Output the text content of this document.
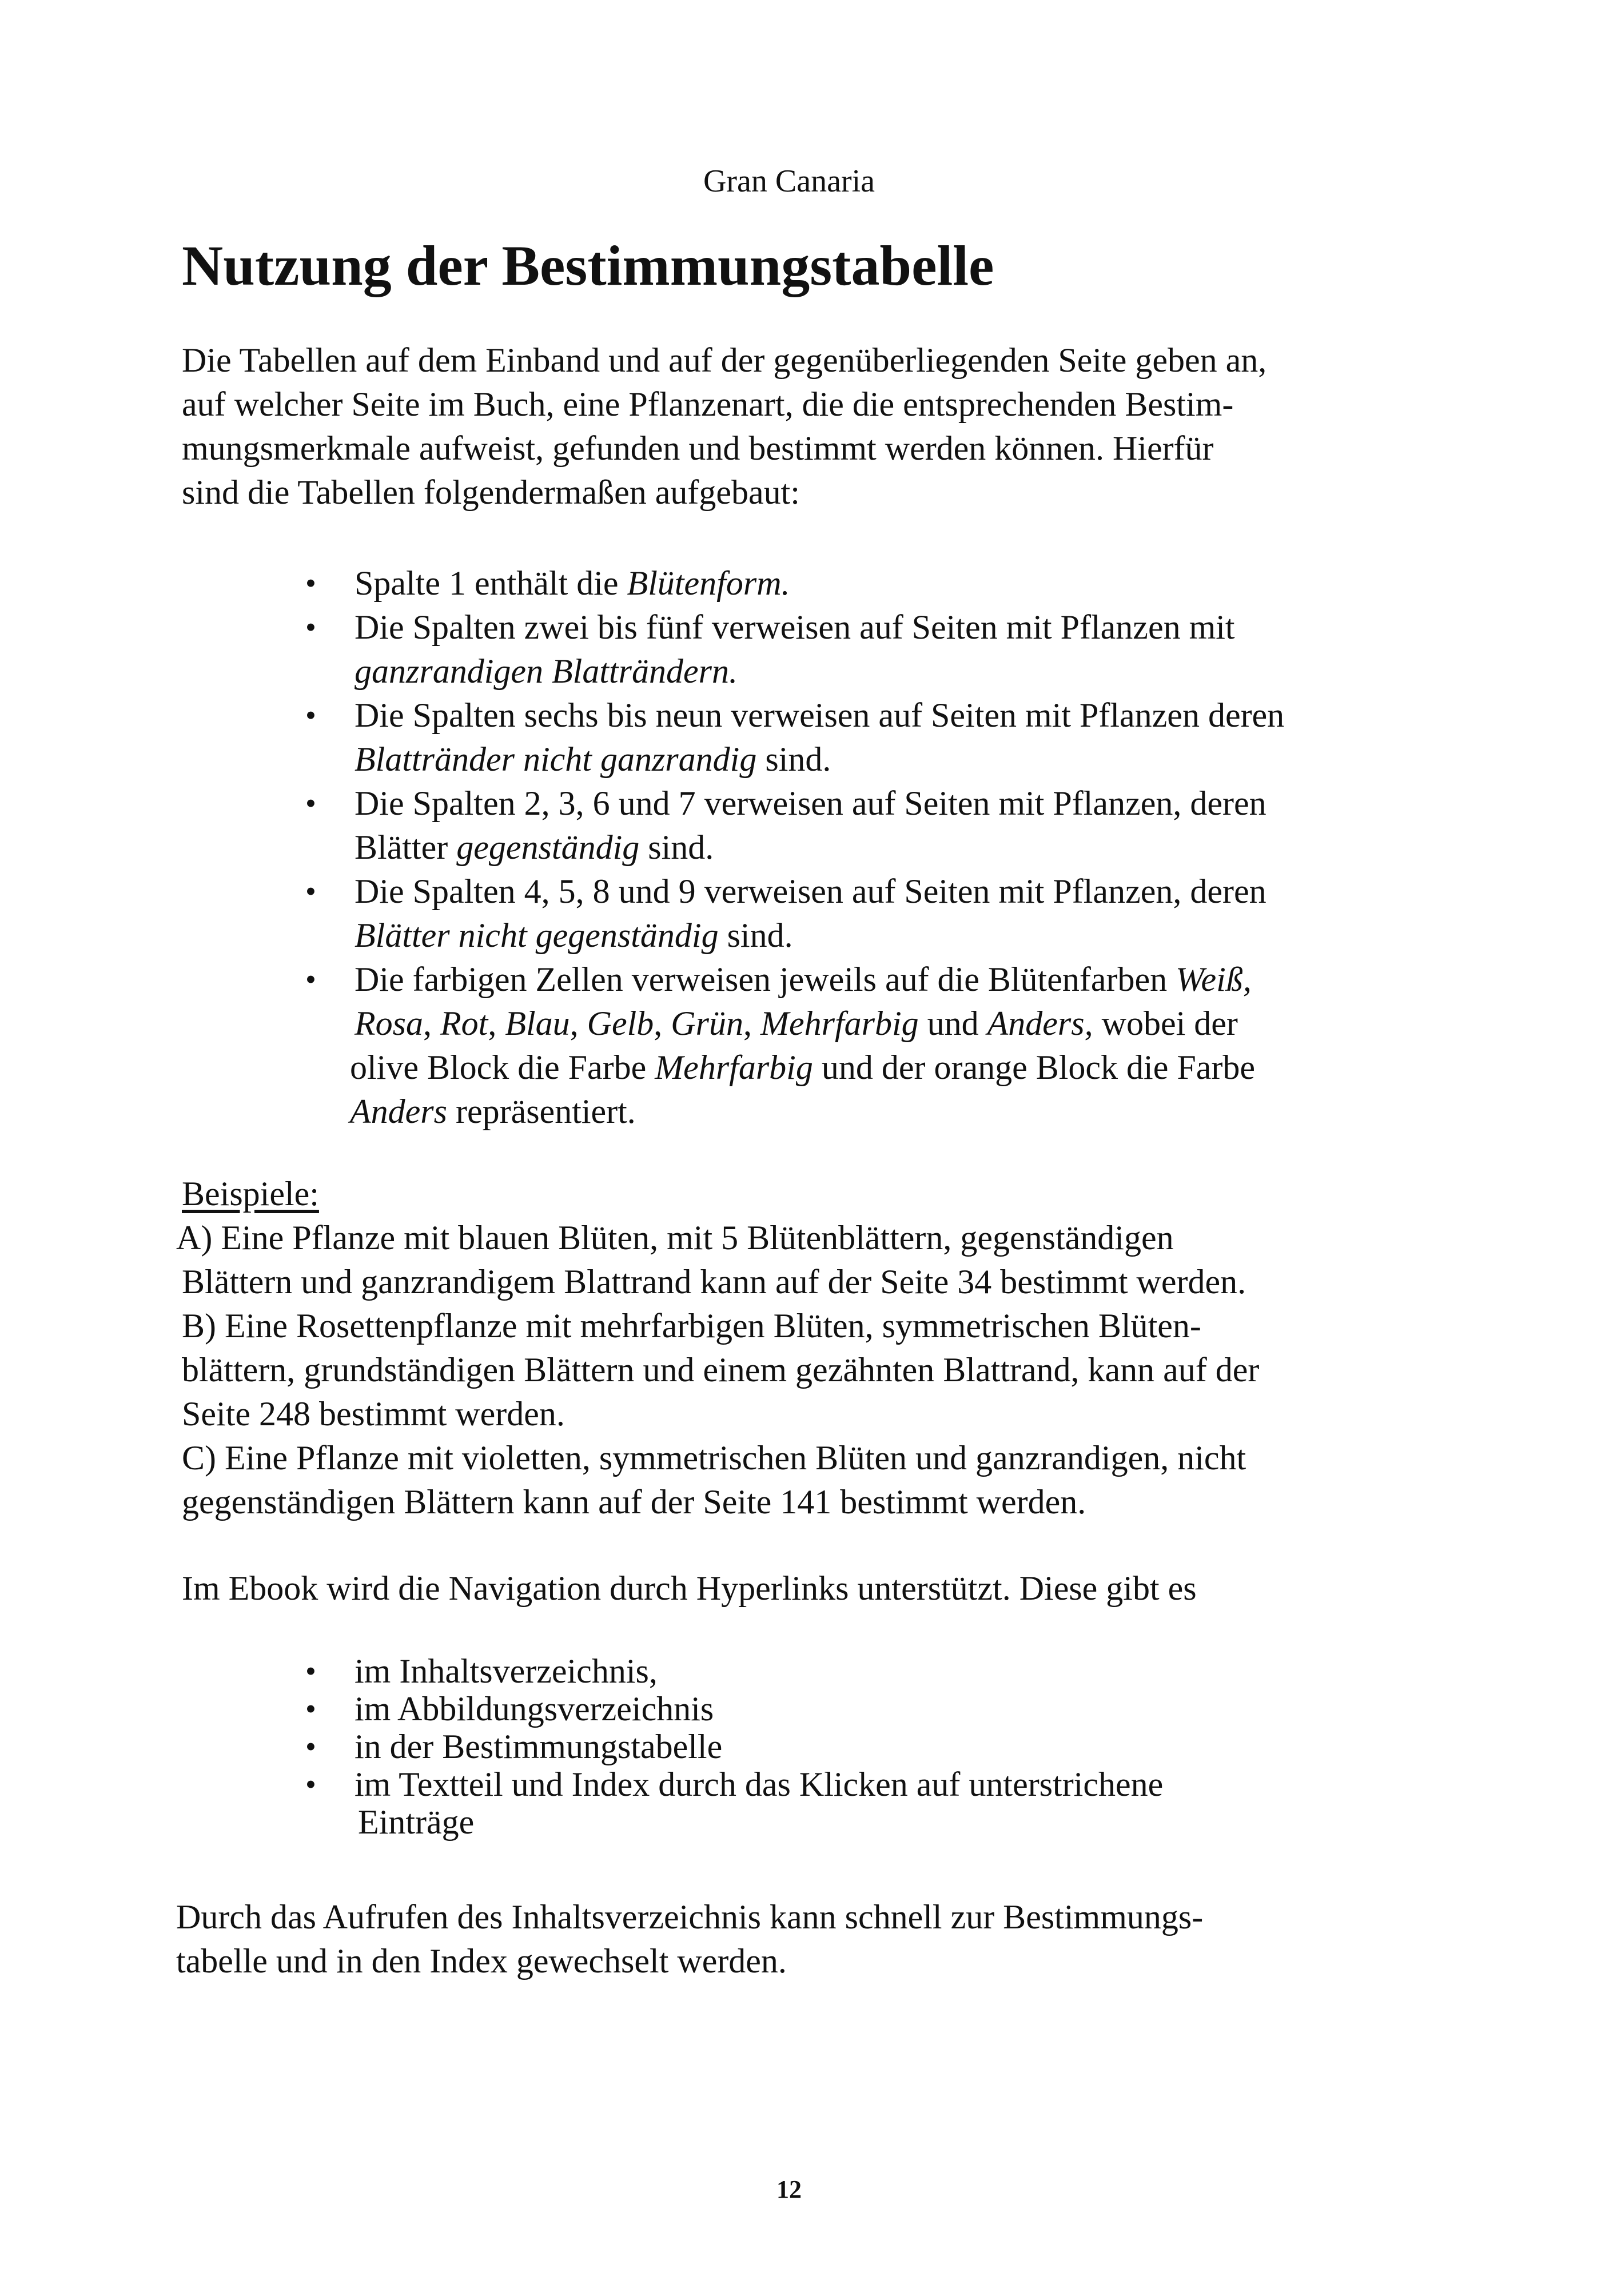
Gran Canaria
Nutzung der Bestimmungstabelle

Die Tabellen auf dem Einband und auf der gegenüberliegenden Seite geben an,
auf welcher Seite im Buch, eine Pflanzenart, die die entsprechenden Bestim-
mungsmerkmale aufweist, gefunden und bestimmt werden können. Hierfür
sind die Tabellen folgendermaßen aufgebaut:

• Spalte 1 enthält die Blütenform.
• Die Spalten zwei bis fünf verweisen auf Seiten mit Pflanzen mit
ganzrandigen Blatträndern.
• Die Spalten sechs bis neun verweisen auf Seiten mit Pflanzen deren
Blattränder nicht ganzrandig sind.
• Die Spalten 2, 3, 6 und 7 verweisen auf Seiten mit Pflanzen, deren
Blätter gegenständig sind.
• Die Spalten 4, 5, 8 und 9 verweisen auf Seiten mit Pflanzen, deren
Blätter nicht gegenständig sind.
• Die farbigen Zellen verweisen jeweils auf die Blütenfarben Weiß,
Rosa, Rot, Blau, Gelb, Grün, Mehrfarbig und Anders, wobei der
olive Block die Farbe Mehrfarbig und der orange Block die Farbe
Anders repräsentiert.
Beispiele:

A) Eine Pflanze mit blauen Blüten, mit 5 Blütenblättern, gegenständigen
Blättern und ganzrandigem Blattrand kann auf der Seite 34 bestimmt werden.
B) Eine Rosettenpflanze mit mehrfarbigen Blüten, symmetrischen Blüten-
blättern, grundständigen Blättern und einem gezähnten Blattrand, kann auf der
Seite 248 bestimmt werden.
C) Eine Pflanze mit violetten, symmetrischen Blüten und ganzrandigen, nicht
gegenständigen Blättern kann auf der Seite 141 bestimmt werden.

Im Ebook wird die Navigation durch Hyperlinks unterstützt. Diese gibt es

• im Inhaltsverzeichnis,
• im Abbildungsverzeichnis
• in der Bestimmungstabelle
• im Textteil und Index durch das Klicken auf unterstrichene
Einträge

Durch das Aufrufen des Inhaltsverzeichnis kann schnell zur Bestimmungs-
tabelle und in den Index gewechselt werden.

12
